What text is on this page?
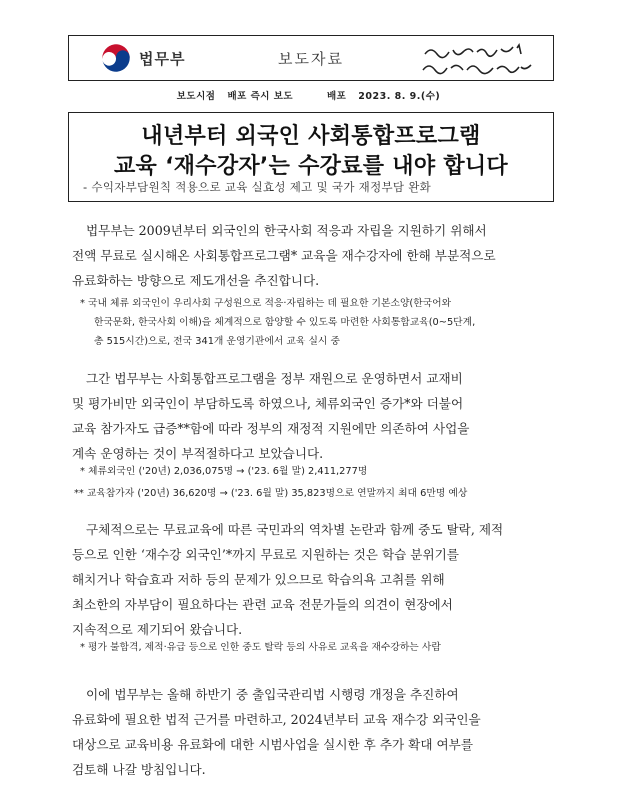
법무부	보도자료
보도시점 배포 즉시 보도	배포 2023. 8. 9.(수)
내년부터 외국인 사회통합프로그램
교육 ‘재수강자’는 수강료를 내야 합니다
- 수익자부담원칙 적용으로 교육 실효성 제고 및 국가 재정부담 완화
법무부는 2009년부터 외국인의 한국사회 적응과 자립을 지원하기 위해서
전액 무료로 실시해온 사회통합프로그램* 교육을 재수강자에 한해 부분적으로
유료화하는 방향으로 제도개선을 추진합니다.
* 국내 체류 외국인이 우리사회 구성원으로 적응·자립하는 데 필요한 기본소양(한국어와
한국문화, 한국사회 이해)을 체계적으로 함양할 수 있도록 마련한 사회통합교육(0~5단계,
총 515시간)으로, 전국 341개 운영기관에서 교육 실시 중
그간 법무부는 사회통합프로그램을 정부 재원으로 운영하면서 교재비
및 평가비만 외국인이 부담하도록 하였으나, 체류외국인 증가*와 더불어
교육 참가자도 급증**함에 따라 정부의 재정적 지원에만 의존하여 사업을
계속 운영하는 것이 부적절하다고 보았습니다.
* 체류외국인 ('20년) 2,036,075명 → ('23. 6월 말) 2,411,277명
** 교육참가자 ('20년) 36,620명 → ('23. 6월 말) 35,823명으로 연말까지 최대 6만명 예상
구체적으로는 무료교육에 따른 국민과의 역차별 논란과 함께 중도 탈락, 제적
등으로 인한 ‘재수강 외국인’*까지 무료로 지원하는 것은 학습 분위기를
해치거나 학습효과 저하 등의 문제가 있으므로 학습의욕 고취를 위해
최소한의 자부담이 필요하다는 관련 교육 전문가들의 의견이 현장에서
지속적으로 제기되어 왔습니다.
* 평가 불합격, 제적·유급 등으로 인한 중도 탈락 등의 사유로 교육을 재수강하는 사람
이에 법무부는 올해 하반기 중 출입국관리법 시행령 개정을 추진하여
유료화에 필요한 법적 근거를 마련하고, 2024년부터 교육 재수강 외국인을
대상으로 교육비용 유료화에 대한 시범사업을 실시한 후 추가 확대 여부를
검토해 나갈 방침입니다.
